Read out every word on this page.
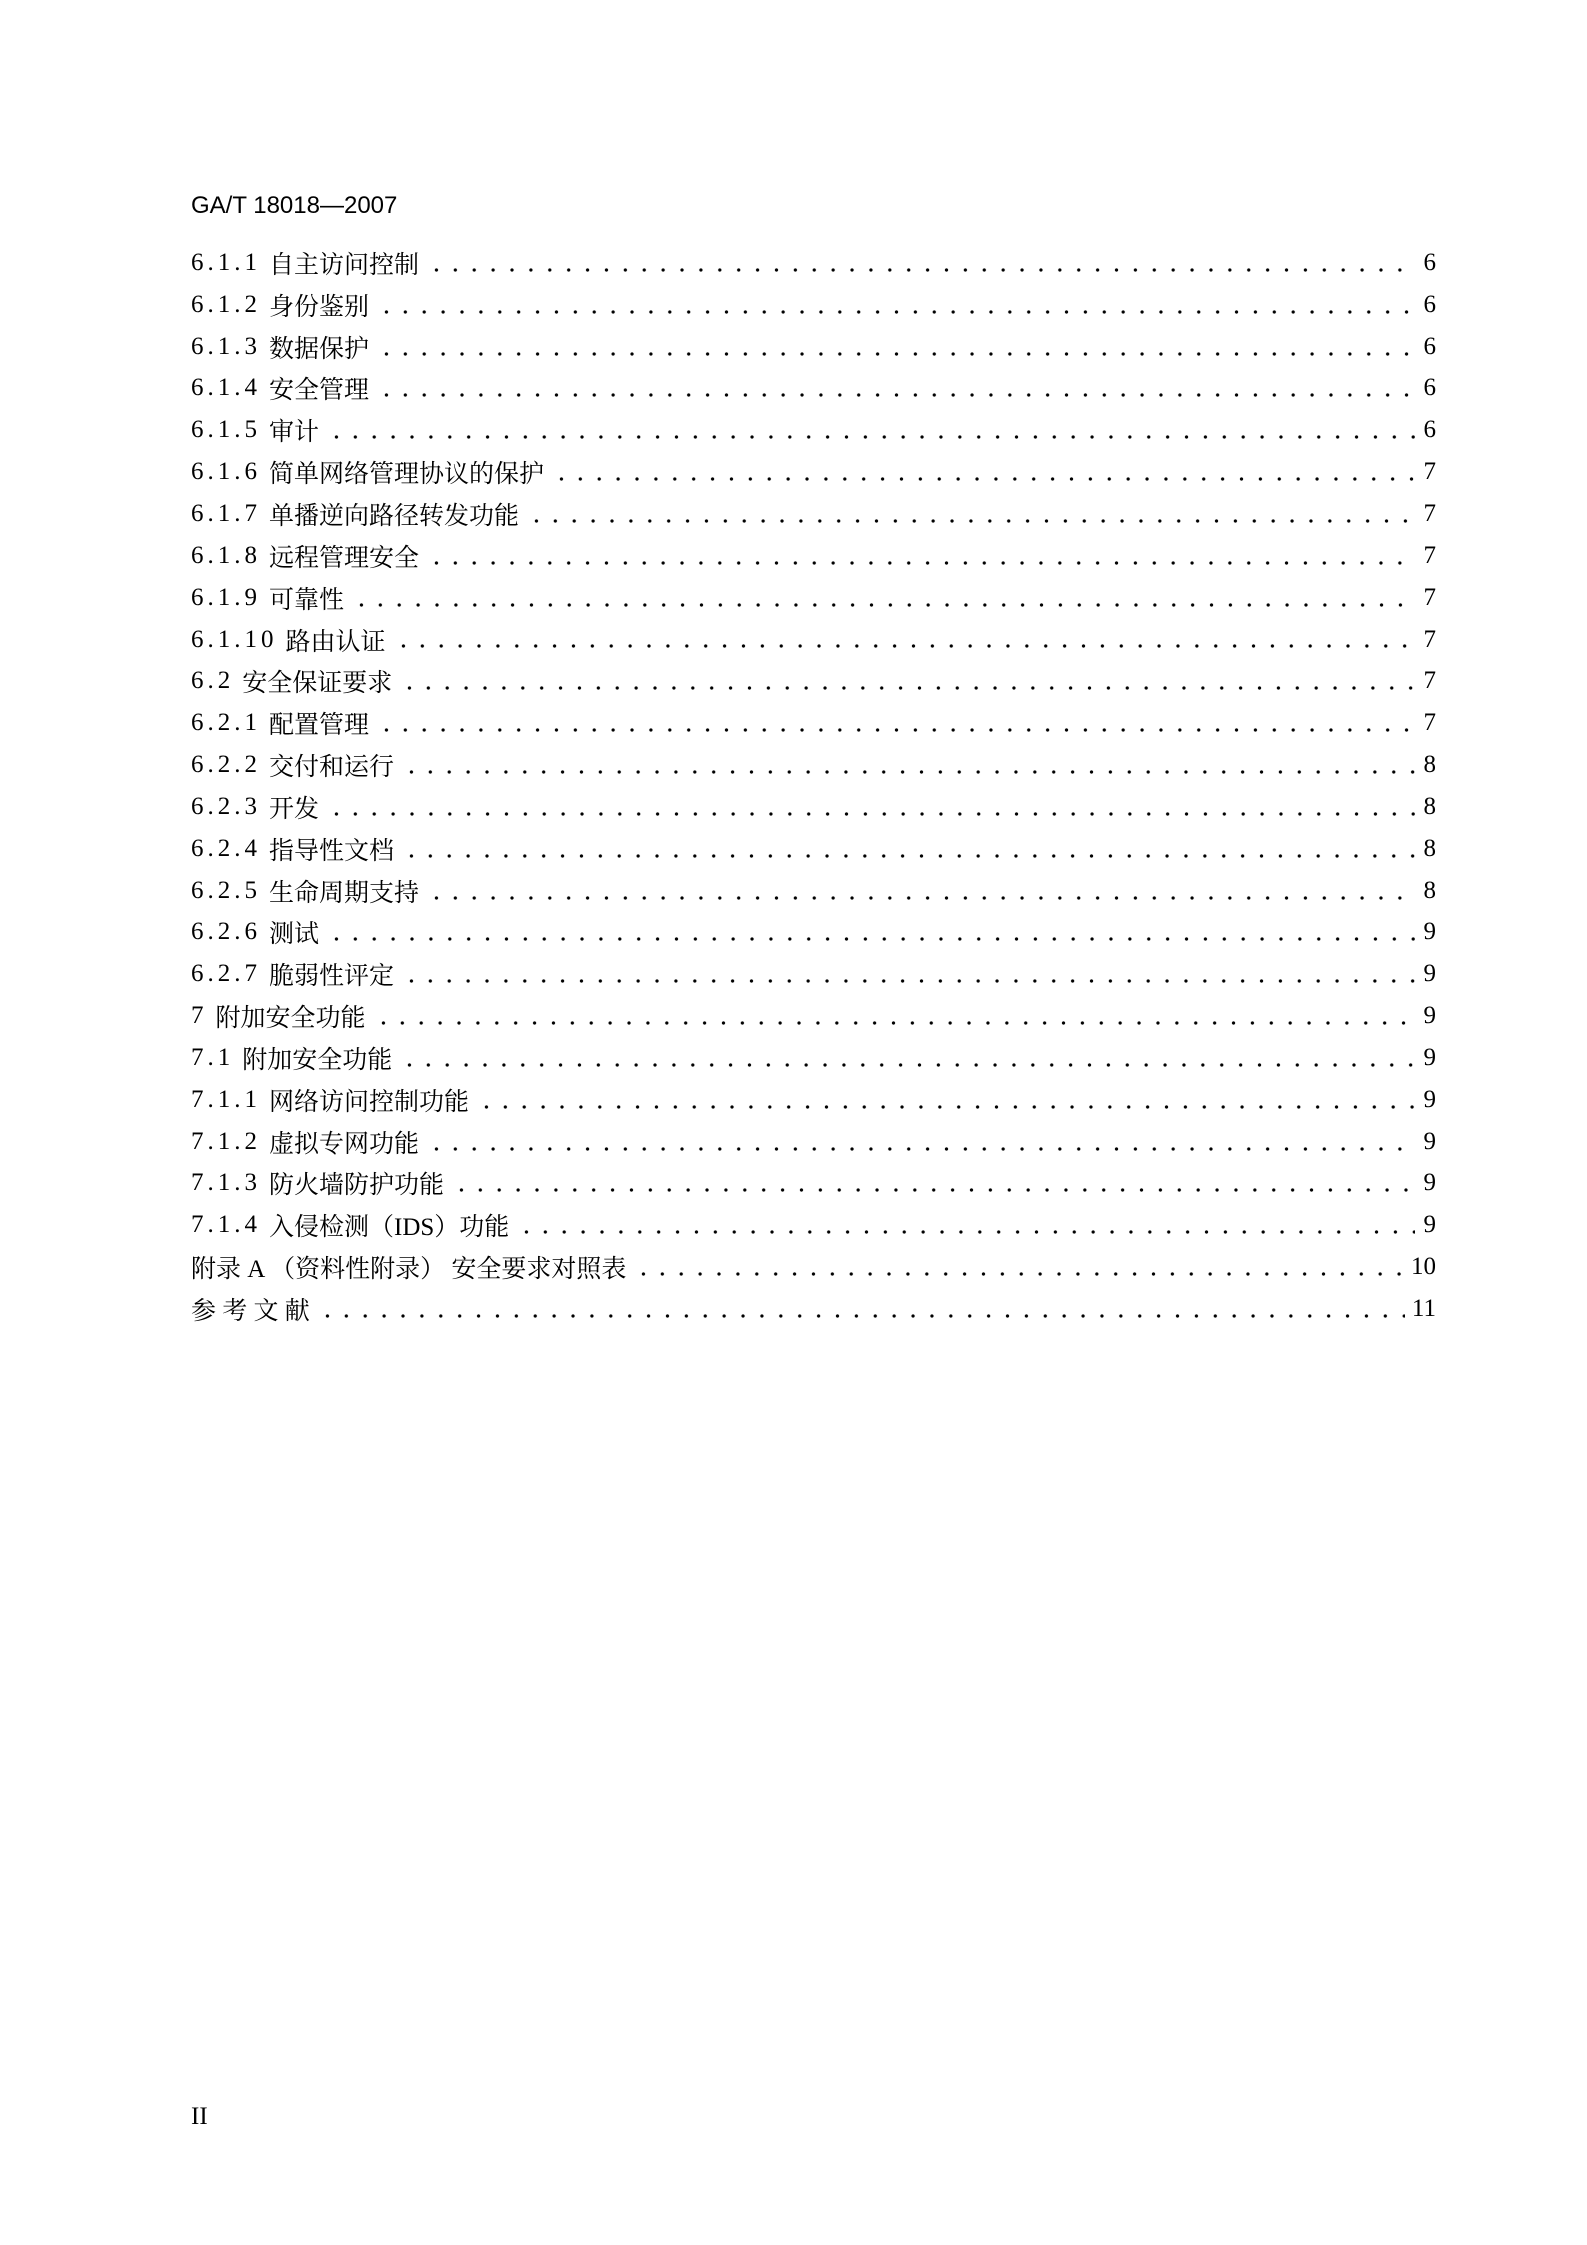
GA/T 18018—2007
6.1.1 自主访问控制	6
6.1.2 身份鉴别	6
6.1.3 数据保护	6
6.1.4 安全管理	6
6.1.5 审计	6
6.1.6 简单网络管理协议的保护	7
6.1.7 单播逆向路径转发功能	7
6.1.8 远程管理安全	7
6.1.9 可靠性	7
6.1.10 路由认证	7
6.2 安全保证要求	7
6.2.1 配置管理	7
6.2.2 交付和运行	8
6.2.3 开发	8
6.2.4 指导性文档	8
6.2.5 生命周期支持	8
6.2.6 测试	9
6.2.7 脆弱性评定	9
7 附加安全功能	9
7.1 附加安全功能	9
7.1.1 网络访问控制功能	9
7.1.2 虚拟专网功能	9
7.1.3 防火墙防护功能	9
7.1.4 入侵检测（IDS）功能	9
附录 A （资料性附录） 安全要求对照表	10
参 考 文 献	11
II
